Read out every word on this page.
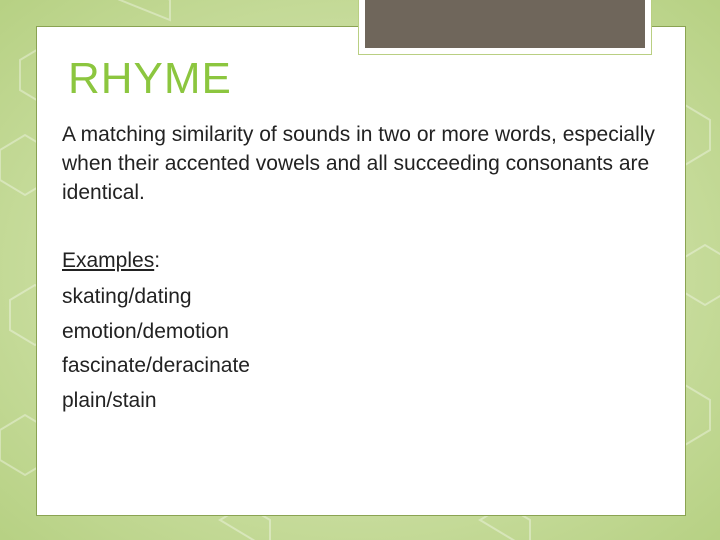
RHYME

A matching similarity of sounds in two or more words, especially when their accented vowels and all succeeding consonants are identical.

Examples:

skating/dating
emotion/demotion
fascinate/deracinate
plain/stain
